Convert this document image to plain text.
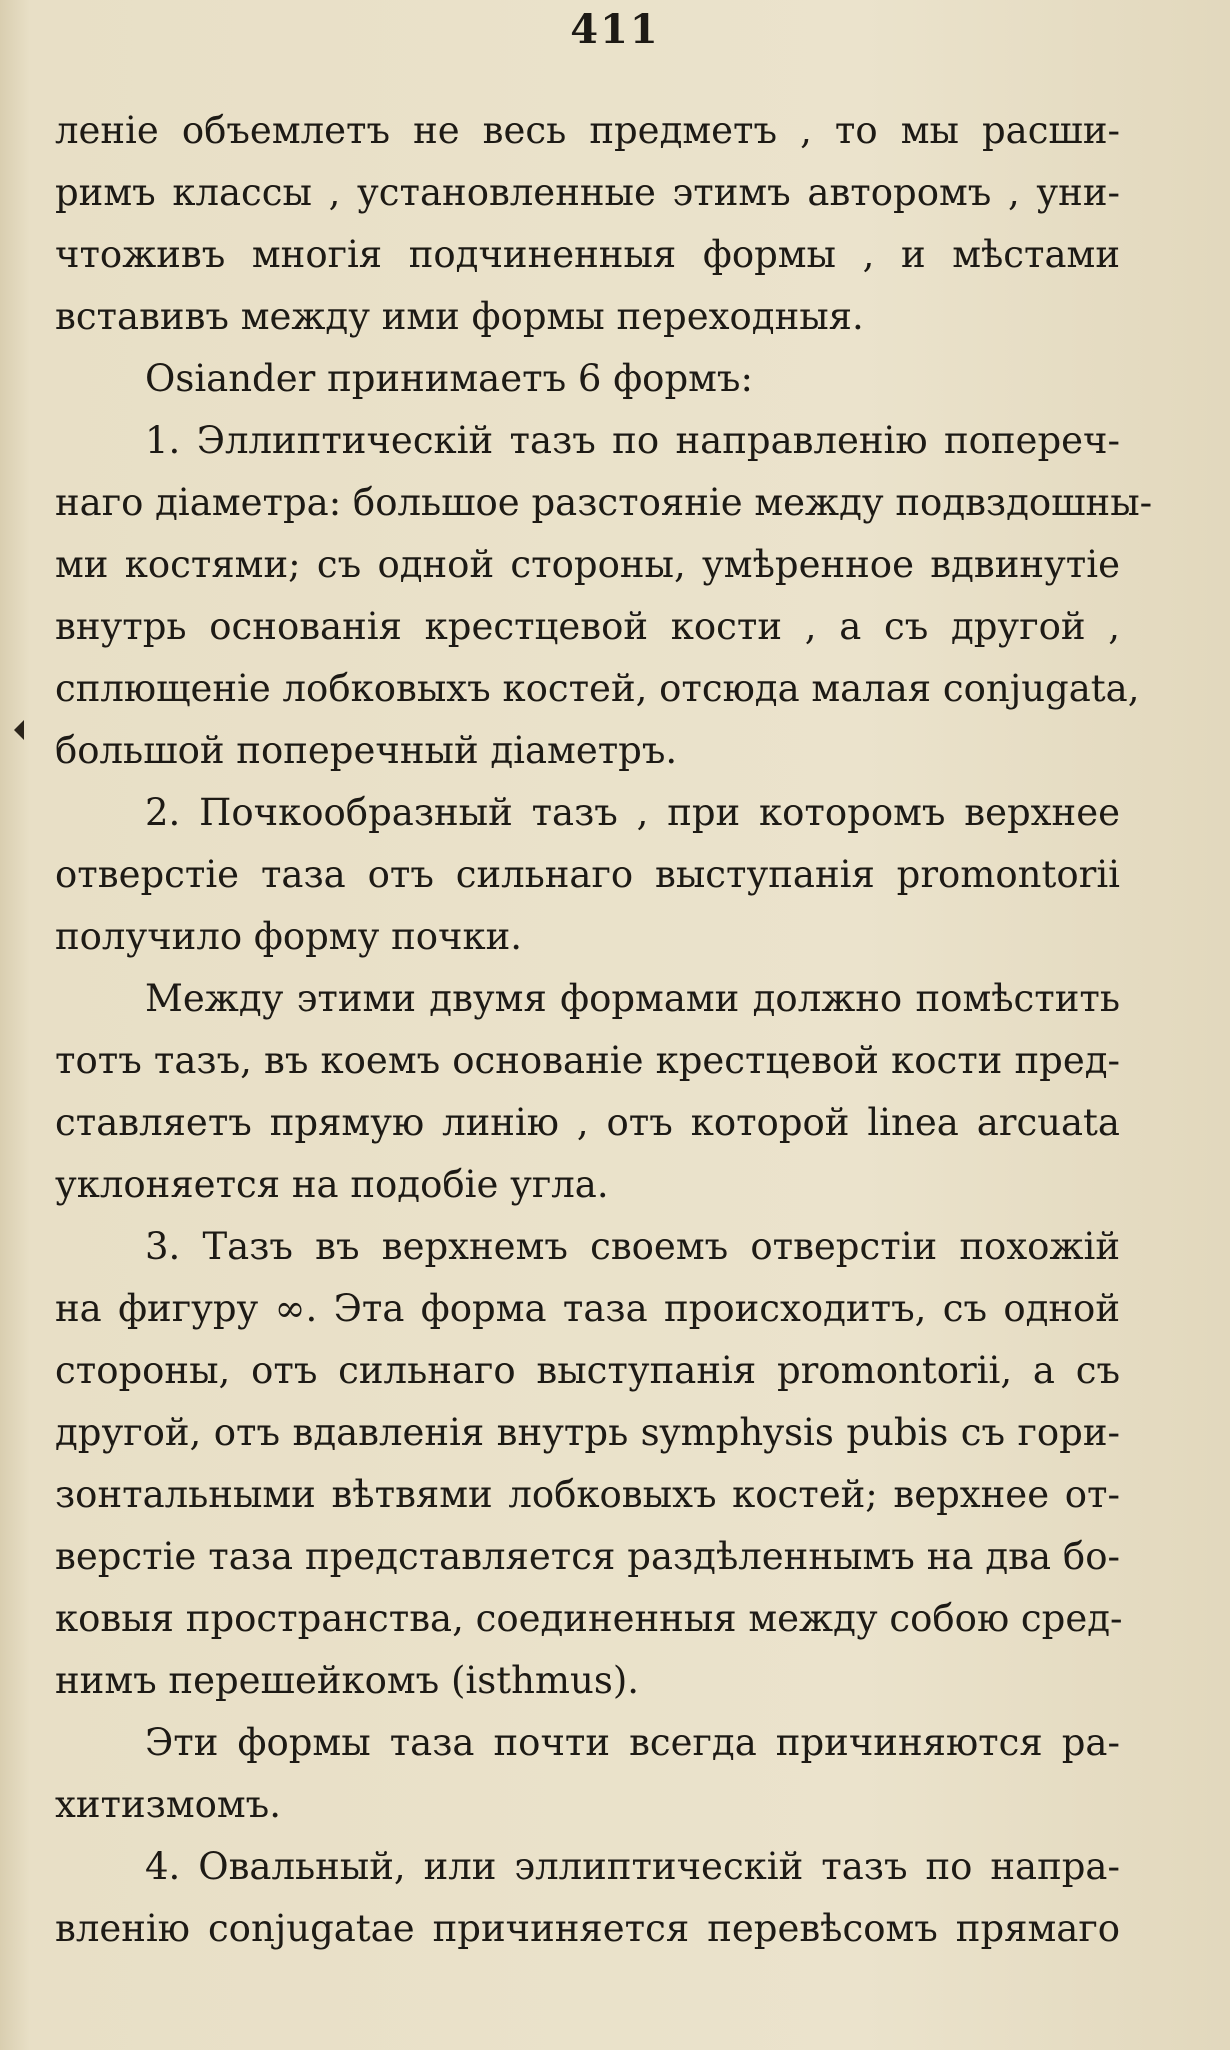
411
леніе объемлетъ не весь предметъ , то мы расши-
римъ классы , установленные этимъ авторомъ , уни-
чтоживъ многія подчиненныя формы , и мѣстами
вставивъ между ими формы переходныя.
Osiander принимаетъ 6 формъ:
1. Эллиптическій тазъ по направленію попереч-
наго діаметра: большое разстояніе между подвздошны-
ми костями; съ одной стороны, умѣренное вдвинутіе
внутрь основанія крестцевой кости , а съ другой ,
сплющеніе лобковыхъ костей, отсюда малая conjugata,
большой поперечный діаметръ.
2. Почкообразный тазъ , при которомъ верхнее
отверстіе таза отъ сильнаго выступанія promontorii
получило форму почки.
Между этими двумя формами должно помѣстить
тотъ тазъ, въ коемъ основаніе крестцевой кости пред-
ставляетъ прямую линію , отъ которой linea arcuata
уклоняется на подобіе угла.
3. Тазъ въ верхнемъ своемъ отверстіи похожій
на фигуру ∞. Эта форма таза происходитъ, съ одной
стороны, отъ сильнаго выступанія promontorii, а съ
другой, отъ вдавленія внутрь symphysis pubis съ гори-
зонтальными вѣтвями лобковыхъ костей; верхнее от-
верстіе таза представляется раздѣленнымъ на два бо-
ковыя пространства, соединенныя между собою сред-
нимъ перешейкомъ (isthmus).
Эти формы таза почти всегда причиняются ра-
хитизмомъ.
4. Овальный, или эллиптическій тазъ по напра-
вленію conjugatae причиняется перевѣсомъ прямаго
